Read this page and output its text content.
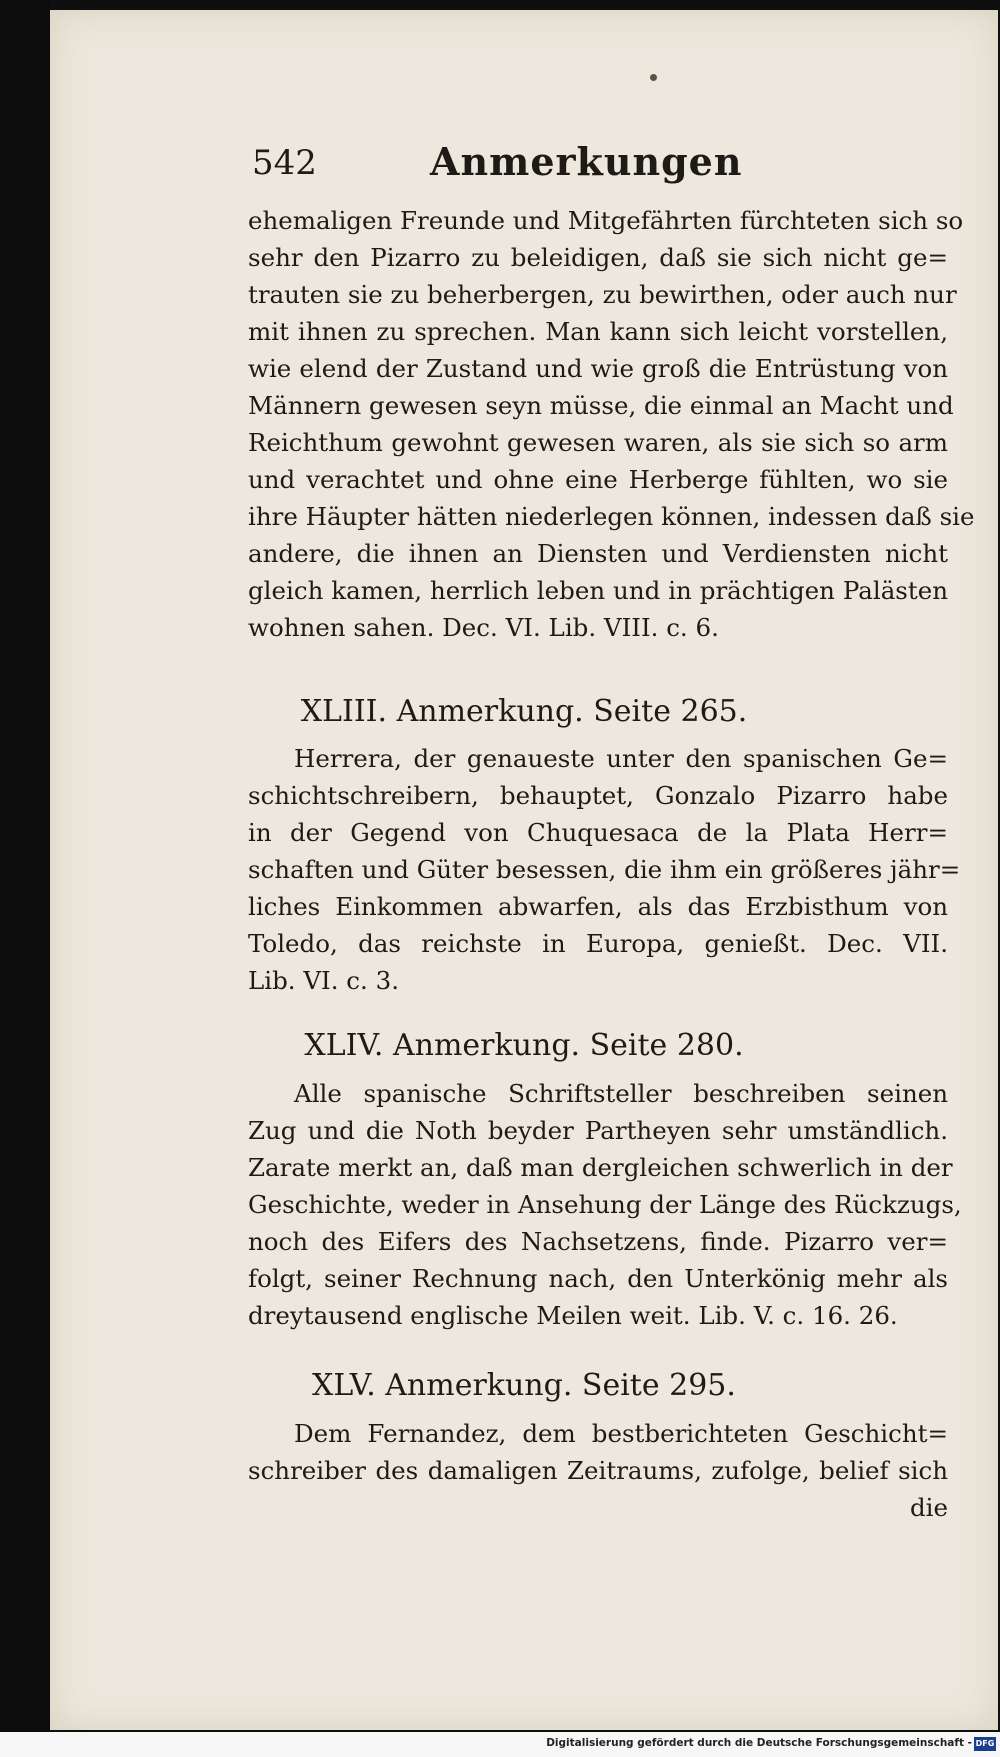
542	Anmerkungen
ehemaligen Freunde und Mitgefährten fürchteten sich so
sehr den Pizarro zu beleidigen, daß sie sich nicht ge=
trauten sie zu beherbergen, zu bewirthen, oder auch nur
mit ihnen zu sprechen. Man kann sich leicht vorstellen,
wie elend der Zustand und wie groß die Entrüstung von
Männern gewesen seyn müsse, die einmal an Macht und
Reichthum gewohnt gewesen waren, als sie sich so arm
und verachtet und ohne eine Herberge fühlten, wo sie
ihre Häupter hätten niederlegen können, indessen daß sie
andere, die ihnen an Diensten und Verdiensten nicht
gleich kamen, herrlich leben und in prächtigen Palästen
wohnen sahen. Dec. VI. Lib. VIII. c. 6.
XLIII. Anmerkung. Seite 265.
Herrera, der genaueste unter den spanischen Ge=
schichtschreibern, behauptet, Gonzalo Pizarro habe
in der Gegend von Chuquesaca de la Plata Herr=
schaften und Güter besessen, die ihm ein größeres jähr=
liches Einkommen abwarfen, als das Erzbisthum von
Toledo, das reichste in Europa, genießt. Dec. VII.
Lib. VI. c. 3.
XLIV. Anmerkung. Seite 280.
Alle spanische Schriftsteller beschreiben seinen
Zug und die Noth beyder Partheyen sehr umständlich.
Zarate merkt an, daß man dergleichen schwerlich in der
Geschichte, weder in Ansehung der Länge des Rückzugs,
noch des Eifers des Nachsetzens, finde. Pizarro ver=
folgt, seiner Rechnung nach, den Unterkönig mehr als
dreytausend englische Meilen weit. Lib. V. c. 16. 26.
XLV. Anmerkung. Seite 295.
Dem Fernandez, dem bestberichteten Geschicht=
schreiber des damaligen Zeitraums, zufolge, belief sich
die
Digitalisierung gefördert durch die Deutsche Forschungsgemeinschaft - DFG
